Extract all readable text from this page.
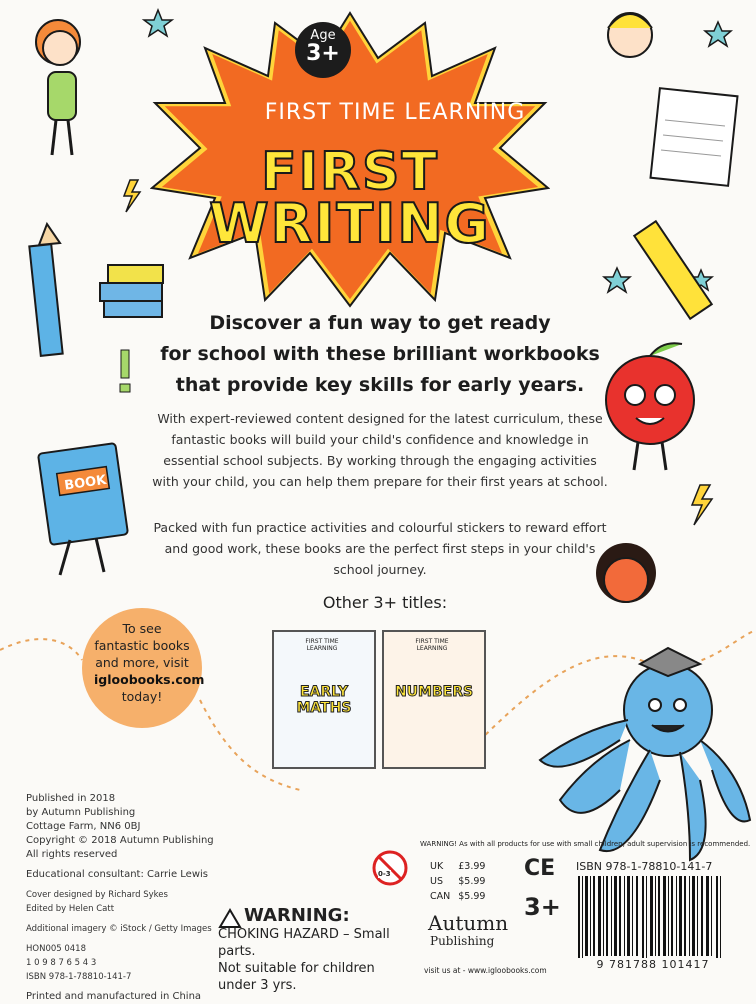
BOOK
Age
3+
FIRST TIME LEARNING
FIRST
WRITING
Discover a fun way to get ready
for school with these brilliant workbooks
that provide key skills for early years.
With expert-reviewed content designed for the latest curriculum, these fantastic books will build your child's confidence and knowledge in essential school subjects. By working through the engaging activities with your child, you can help them prepare for their first years at school.
Packed with fun practice activities and colourful stickers to reward effort and good work, these books are the perfect first steps in your child's school journey.
Other 3+ titles:
FIRST TIME LEARNING
EARLY MATHS
FIRST TIME LEARNING
NUMBERS
To see fantastic books and more, visit igloobooks.com today!
Published in 2018
by Autumn Publishing
Cottage Farm, NN6 0BJ
Copyright © 2018 Autumn Publishing
All rights reserved
Educational consultant: Carrie Lewis
Cover designed by Richard Sykes
Edited by Helen Catt
Additional imagery © iStock / Getty Images
HON005 0418
1 0 9 8 7 6 5 4 3
ISBN 978-1-78810-141-7
Printed and manufactured in China
WARNING:
CHOKING HAZARD – Small parts.
Not suitable for children under 3 yrs.
WARNING! As with all products for use with small children, adult supervision is recommended.
0-3
UK	£3.99
US	$5.99
CAN	$5.99
Autumn
Publishing
visit us at - www.igloobooks.com
CE
3+
ISBN 978-1-78810-141-7
9 781788 101417
